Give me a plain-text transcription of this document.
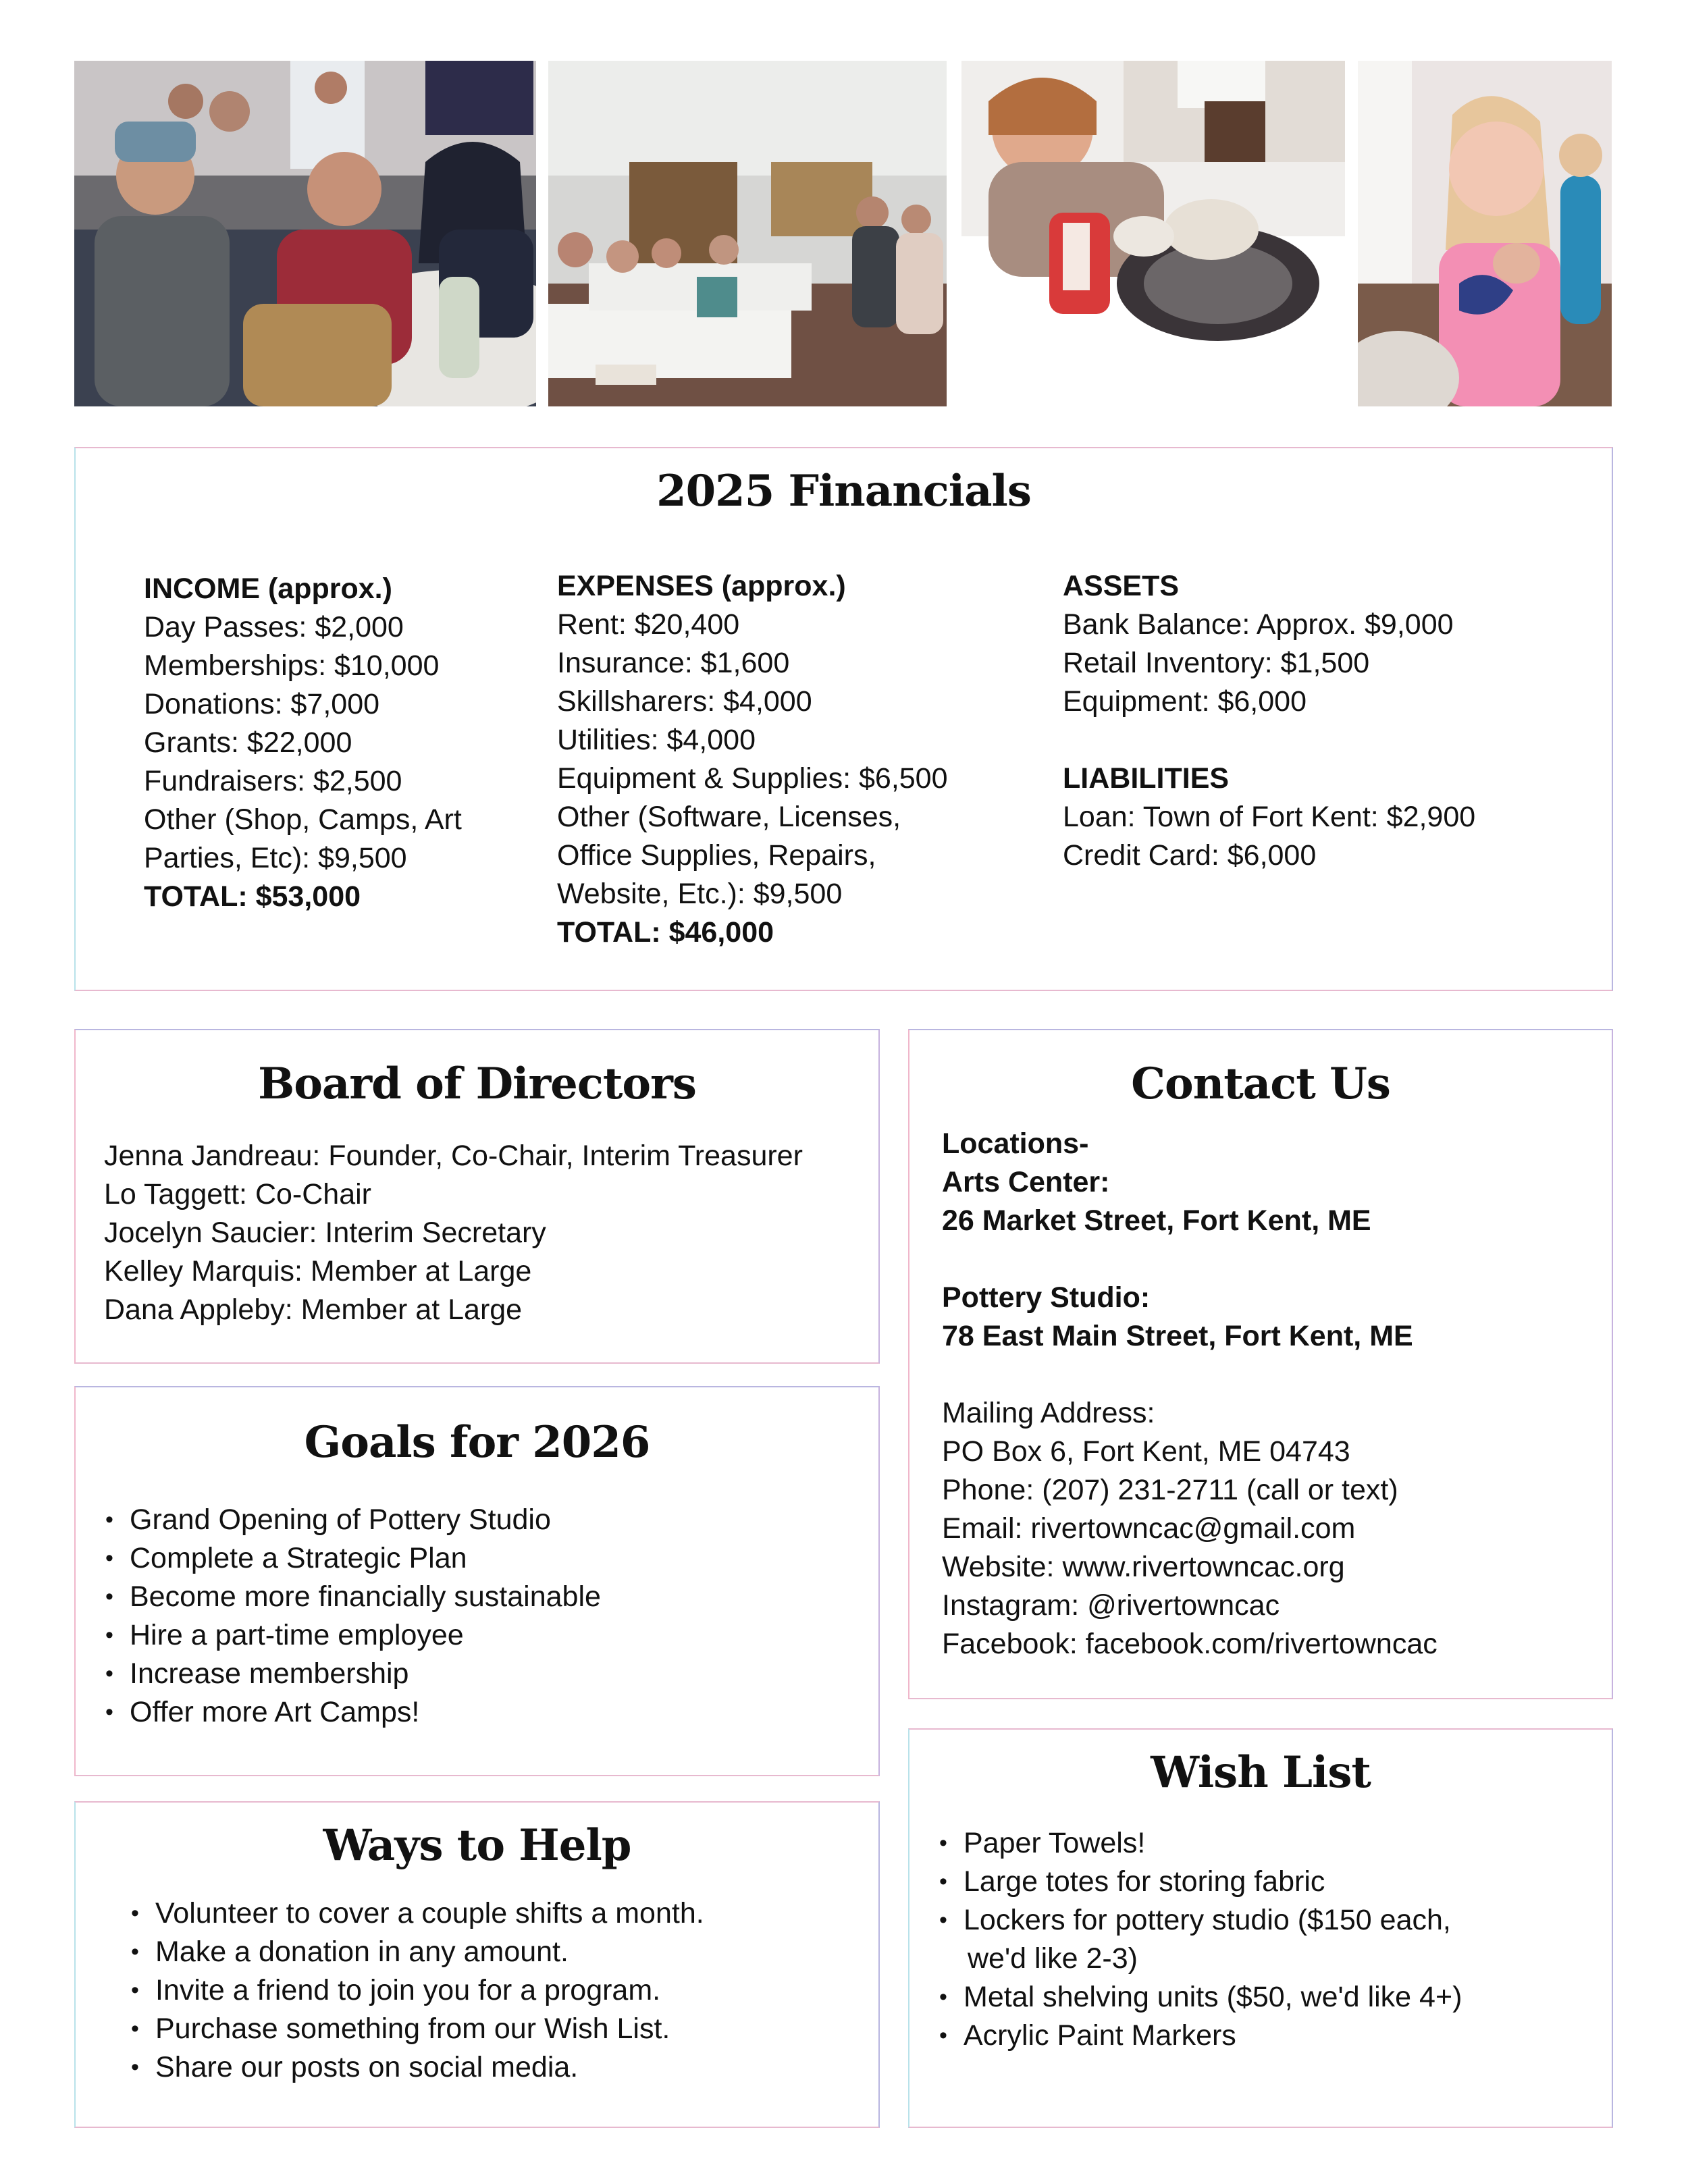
2025 Financials
INCOME (approx.)
Day Passes: $2,000
Memberships: $10,000
Donations: $7,000
Grants: $22,000
Fundraisers: $2,500
Other (Shop, Camps, Art
Parties, Etc): $9,500
TOTAL: $53,000
EXPENSES (approx.)
Rent: $20,400
Insurance: $1,600
Skillsharers: $4,000
Utilities: $4,000
Equipment & Supplies: $6,500
Other (Software, Licenses,
Office Supplies, Repairs,
Website, Etc.): $9,500
TOTAL: $46,000
ASSETS
Bank Balance: Approx. $9,000
Retail Inventory: $1,500
Equipment: $6,000
LIABILITIES
Loan: Town of Fort Kent: $2,900
Credit Card: $6,000
Board of Directors
Jenna Jandreau: Founder, Co-Chair, Interim Treasurer
Lo Taggett: Co-Chair
Jocelyn Saucier: Interim Secretary
Kelley Marquis: Member at Large
Dana Appleby: Member at Large
Goals for 2026
• Grand Opening of Pottery Studio
• Complete a Strategic Plan
• Become more financially sustainable
• Hire a part-time employee
• Increase membership
• Offer more Art Camps!
Ways to Help
• Volunteer to cover a couple shifts a month.
• Make a donation in any amount.
• Invite a friend to join you for a program.
• Purchase something from our Wish List.
• Share our posts on social media.
Contact Us
Locations-
Arts Center:
26 Market Street, Fort Kent, ME
Pottery Studio:
78 East Main Street, Fort Kent, ME
Mailing Address:
PO Box 6, Fort Kent, ME 04743
Phone: (207) 231-2711 (call or text)
Email: rivertowncac@gmail.com
Website: www.rivertowncac.org
Instagram: @rivertowncac
Facebook: facebook.com/rivertowncac
Wish List
• Paper Towels!
• Large totes for storing fabric
• Lockers for pottery studio ($150 each,
we'd like 2-3)
• Metal shelving units ($50, we'd like 4+)
• Acrylic Paint Markers
